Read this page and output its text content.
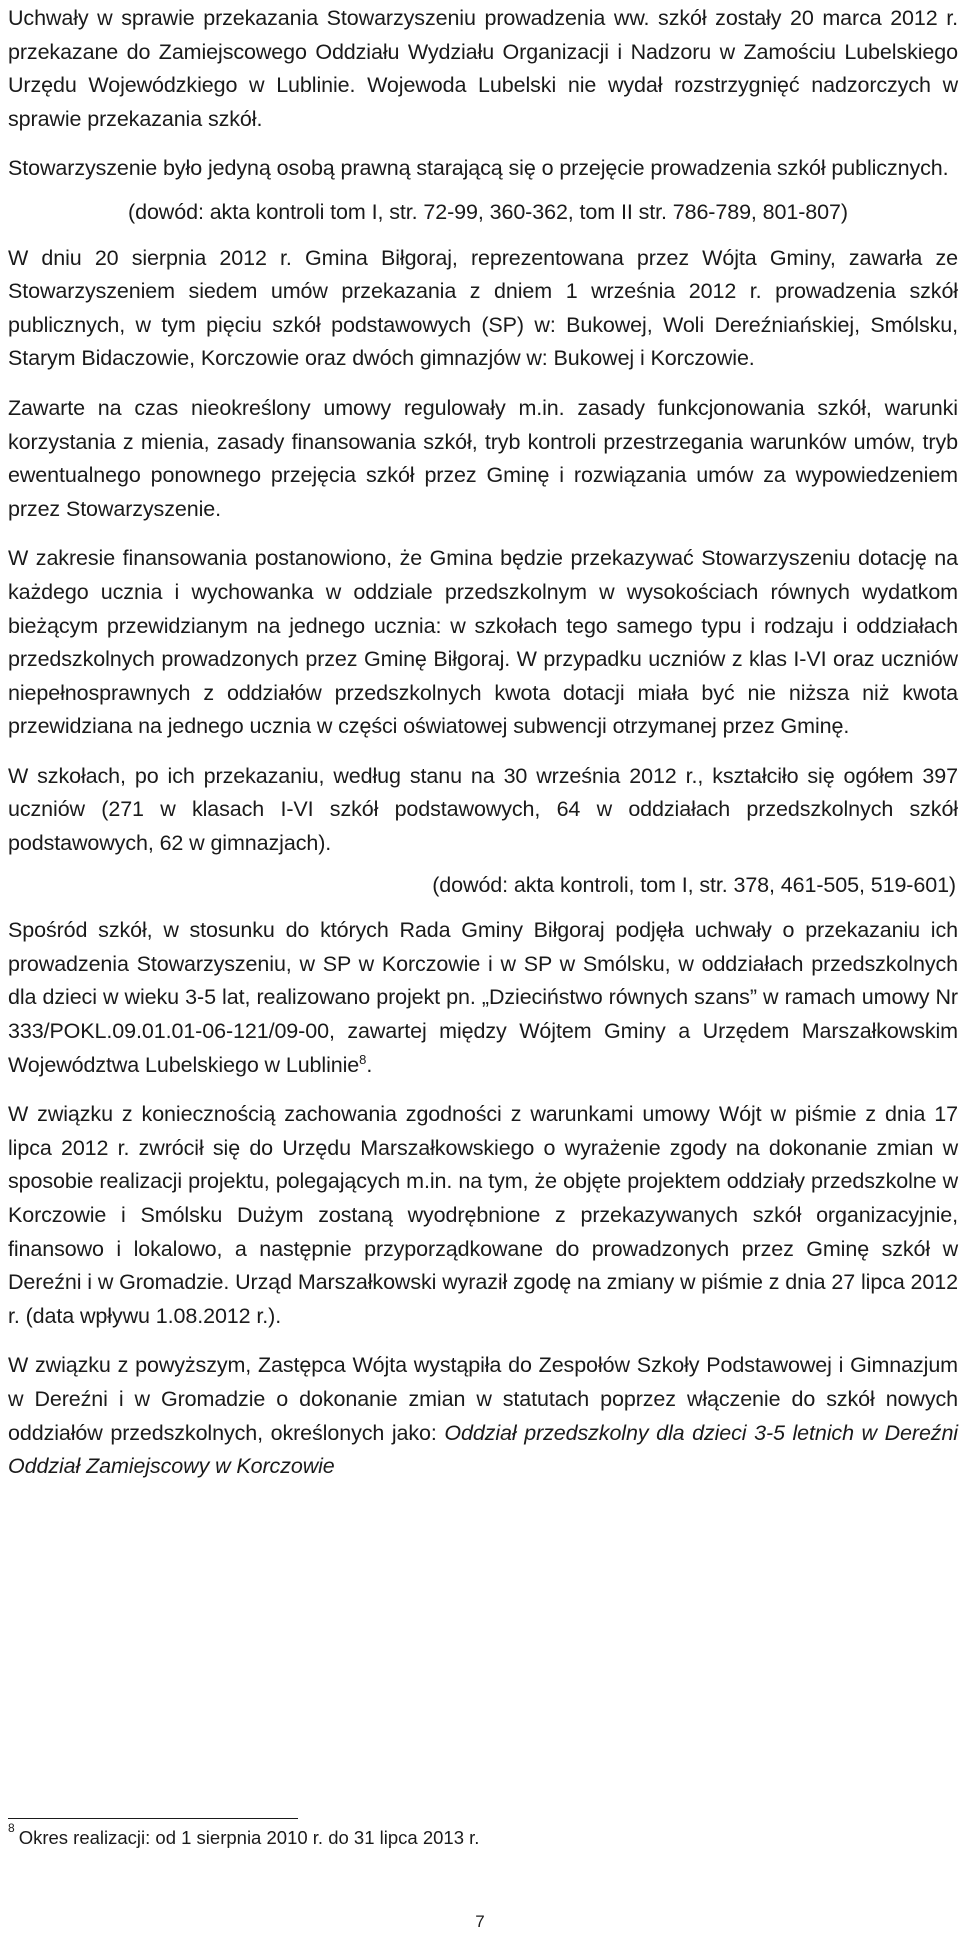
Uchwały w sprawie przekazania Stowarzyszeniu prowadzenia ww. szkół zostały 20 marca 2012 r. przekazane do Zamiejscowego Oddziału Wydziału Organizacji i Nadzoru w Zamościu Lubelskiego Urzędu Wojewódzkiego w Lublinie. Wojewoda Lubelski nie wydał rozstrzygnięć nadzorczych w sprawie przekazania szkół.

Stowarzyszenie było jedyną osobą prawną starającą się o przejęcie prowadzenia szkół publicznych.

(dowód: akta kontroli tom I, str. 72-99, 360-362, tom II str. 786-789, 801-807)

W dniu 20 sierpnia 2012 r. Gmina Biłgoraj, reprezentowana przez Wójta Gminy, zawarła ze Stowarzyszeniem siedem umów przekazania z dniem 1 września 2012 r. prowadzenia szkół publicznych, w tym pięciu szkół podstawowych (SP) w: Bukowej, Woli Dereźniańskiej, Smólsku, Starym Bidaczowie, Korczowie oraz dwóch gimnazjów w: Bukowej i Korczowie.

Zawarte na czas nieokreślony umowy regulowały m.in. zasady funkcjonowania szkół, warunki korzystania z mienia, zasady finansowania szkół, tryb kontroli przestrzegania warunków umów, tryb ewentualnego ponownego przejęcia szkół przez Gminę i rozwiązania umów za wypowiedzeniem przez Stowarzyszenie.

W zakresie finansowania postanowiono, że Gmina będzie przekazywać Stowarzyszeniu dotację na każdego ucznia i wychowanka w oddziale przedszkolnym w wysokościach równych wydatkom bieżącym przewidzianym na jednego ucznia: w szkołach tego samego typu i rodzaju i oddziałach przedszkolnych prowadzonych przez Gminę Biłgoraj. W przypadku uczniów z klas I-VI oraz uczniów niepełnosprawnych z oddziałów przedszkolnych kwota dotacji miała być nie niższa niż kwota przewidziana na jednego ucznia w części oświatowej subwencji otrzymanej przez Gminę.

W szkołach, po ich przekazaniu, według stanu na 30 września 2012 r., kształciło się ogółem 397 uczniów (271 w klasach I-VI szkół podstawowych, 64 w oddziałach przedszkolnych szkół podstawowych, 62 w gimnazjach).

(dowód: akta kontroli, tom I, str. 378, 461-505, 519-601)

Spośród szkół, w stosunku do których Rada Gminy Biłgoraj podjęła uchwały o przekazaniu ich prowadzenia Stowarzyszeniu, w SP w Korczowie i w SP w Smólsku, w oddziałach przedszkolnych dla dzieci w wieku 3-5 lat, realizowano projekt pn. „Dzieciństwo równych szans” w ramach umowy Nr 333/POKL.09.01.01-06-121/09-00, zawartej między Wójtem Gminy a Urzędem Marszałkowskim Województwa Lubelskiego w Lublinie$^8$.

W związku z koniecznością zachowania zgodności z warunkami umowy Wójt w piśmie z dnia 17 lipca 2012 r. zwrócił się do Urzędu Marszałkowskiego o wyrażenie zgody na dokonanie zmian w sposobie realizacji projektu, polegających m.in. na tym, że objęte projektem oddziały przedszkolne w Korczowie i Smólsku Dużym zostaną wyodrębnione z przekazywanych szkół organizacyjnie, finansowo i lokalowo, a następnie przyporządkowane do prowadzonych przez Gminę szkół w Dereźni i w Gromadzie. Urząd Marszałkowski wyraził zgodę na zmiany w piśmie z dnia 27 lipca 2012 r. (data wpływu 1.08.2012 r.).

W związku z powyższym, Zastępca Wójta wystąpiła do Zespołów Szkoły Podstawowej i Gimnazjum w Dereźni i w Gromadzie o dokonanie zmian w statutach poprzez włączenie do szkół nowych oddziałów przedszkolnych, określonych jako: Oddział przedszkolny dla dzieci 3-5 letnich w Dereźni Oddział Zamiejscowy w Korczowie

$^8$ Okres realizacji: od 1 sierpnia 2010 r. do 31 lipca 2013 r.
7
